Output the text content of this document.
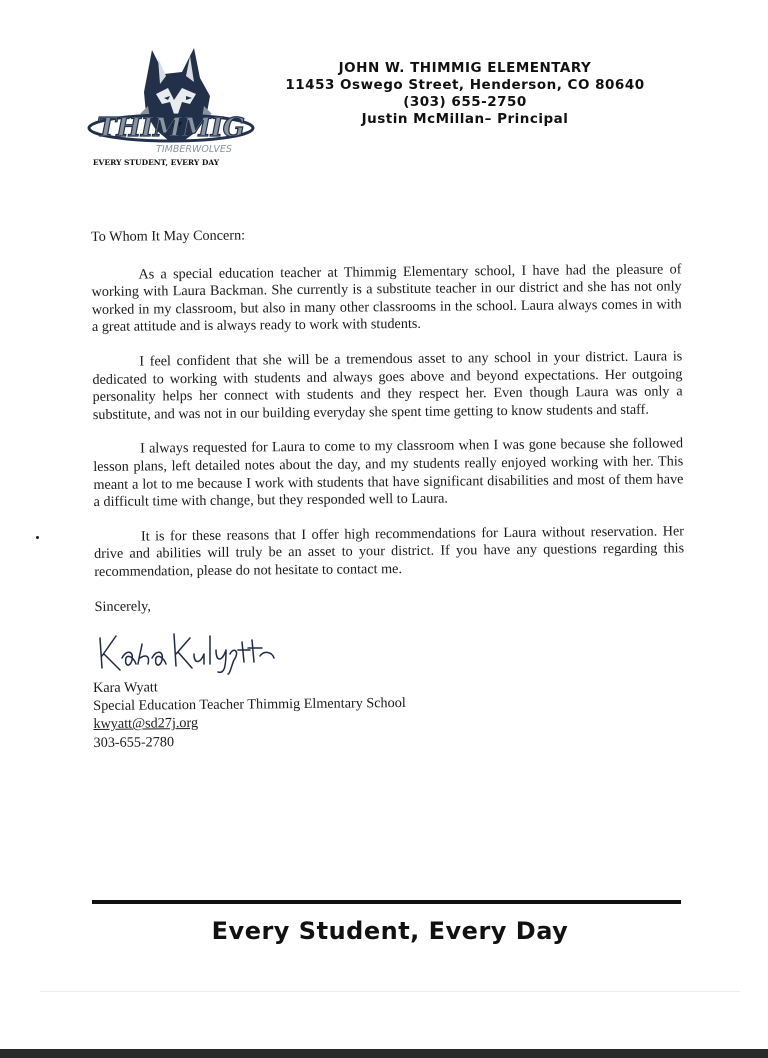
THIMMIG
TIMBERWOLVES
EVERY STUDENT, EVERY DAY
JOHN W. THIMMIG ELEMENTARY
11453 Oswego Street, Henderson, CO 80640
(303) 655-2750
Justin McMillan– Principal

To Whom It May Concern:

As a special education teacher at Thimmig Elementary school, I have had the pleasure of working with Laura Backman. She currently is a substitute teacher in our district and she has not only worked in my classroom, but also in many other classrooms in the school. Laura always comes in with a great attitude and is always ready to work with students.

I feel confident that she will be a tremendous asset to any school in your district. Laura is dedicated to working with students and always goes above and beyond expectations. Her outgoing personality helps her connect with students and they respect her. Even though Laura was only a substitute, and was not in our building everyday she spent time getting to know students and staff.

I always requested for Laura to come to my classroom when I was gone because she followed lesson plans, left detailed notes about the day, and my students really enjoyed working with her. This meant a lot to me because I work with students that have significant disabilities and most of them have a difficult time with change, but they responded well to Laura.

It is for these reasons that I offer high recommendations for Laura without reservation. Her drive and abilities will truly be an asset to your district. If you have any questions regarding this recommendation, please do not hesitate to contact me.

Sincerely,

Kara Wyatt
Special Education Teacher Thimmig Elmentary School
kwyatt@sd27j.org
303-655-2780
Every Student, Every Day
